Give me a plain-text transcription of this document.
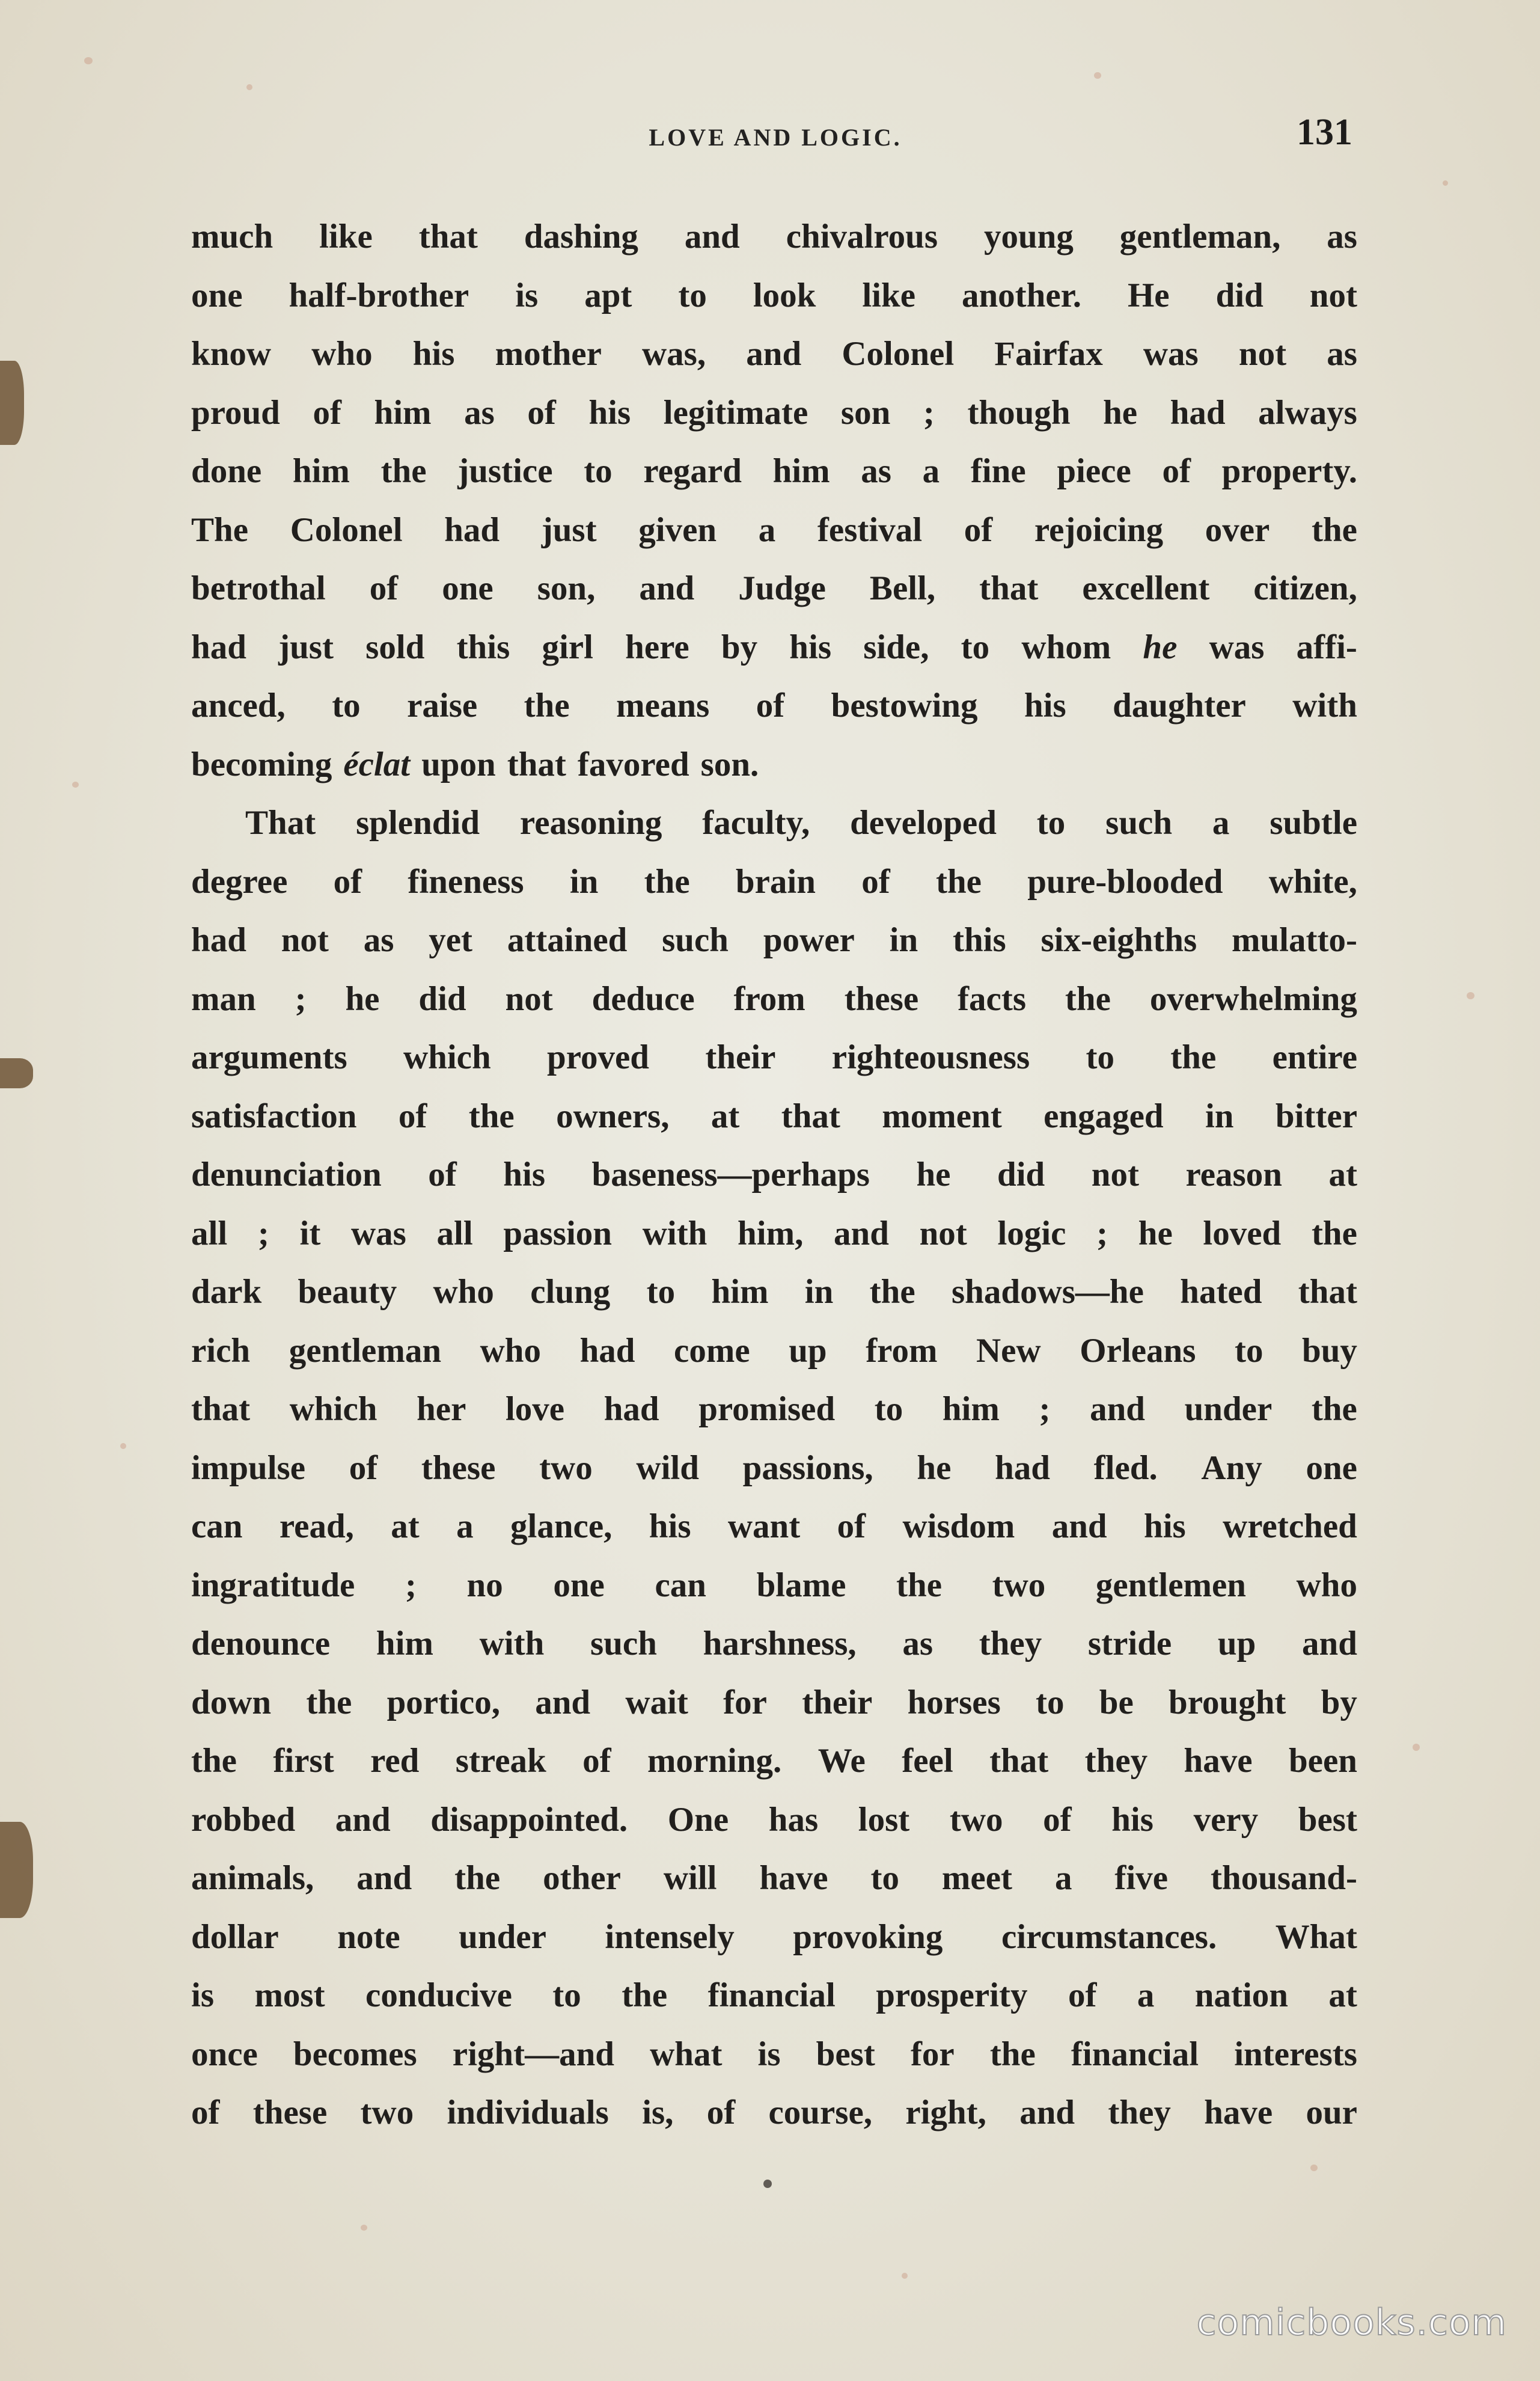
LOVE AND LOGIC.	131
much like that dashing and chivalrous young gentleman, as
one half-brother is apt to look like another. He did not
know who his mother was, and Colonel Fairfax was not as
proud of him as of his legitimate son ; though he had always
done him the justice to regard him as a fine piece of property.
The Colonel had just given a festival of rejoicing over the
betrothal of one son, and Judge Bell, that excellent citizen,
had just sold this girl here by his side, to whom he was affi-
anced, to raise the means of bestowing his daughter with
becoming éclat upon that favored son.
That splendid reasoning faculty, developed to such a subtle
degree of fineness in the brain of the pure-blooded white,
had not as yet attained such power in this six-eighths mulatto-
man ; he did not deduce from these facts the overwhelming
arguments which proved their righteousness to the entire
satisfaction of the owners, at that moment engaged in bitter
denunciation of his baseness—perhaps he did not reason at
all ; it was all passion with him, and not logic ; he loved the
dark beauty who clung to him in the shadows—he hated that
rich gentleman who had come up from New Orleans to buy
that which her love had promised to him ; and under the
impulse of these two wild passions, he had fled. Any one
can read, at a glance, his want of wisdom and his wretched
ingratitude ; no one can blame the two gentlemen who
denounce him with such harshness, as they stride up and
down the portico, and wait for their horses to be brought by
the first red streak of morning. We feel that they have been
robbed and disappointed. One has lost two of his very best
animals, and the other will have to meet a five thousand-
dollar note under intensely provoking circumstances. What
is most conducive to the financial prosperity of a nation at
once becomes right—and what is best for the financial interests
of these two individuals is, of course, right, and they have our
comicbooks.com
